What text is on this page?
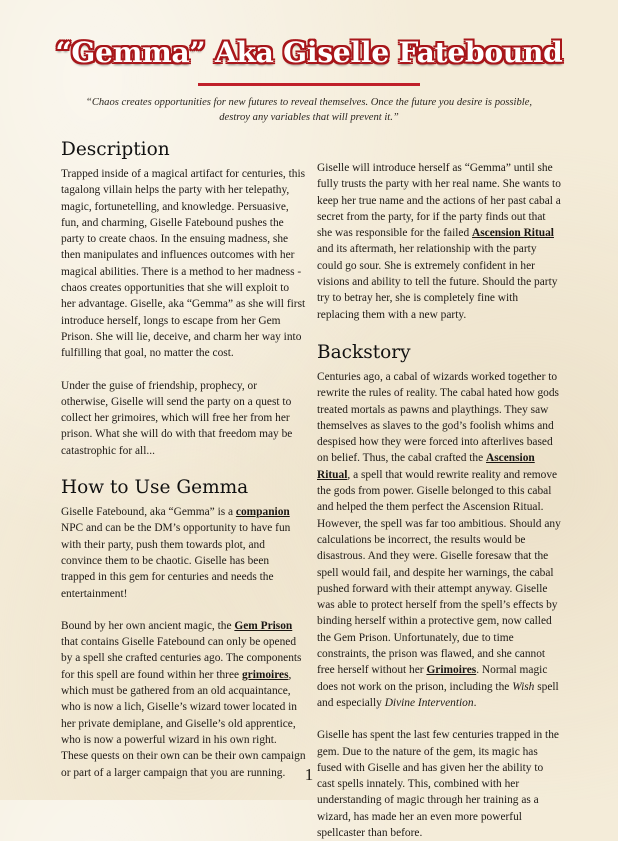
“Gemma” Aka Giselle Fatebound

“Chaos creates opportunities for new futures to reveal themselves. Once the future you desire is possible, destroy any variables that will prevent it.”

Description

Trapped inside of a magical artifact for centuries, this tagalong villain helps the party with her telepathy, magic, fortunetelling, and knowledge. Persuasive, fun, and charming, Giselle Fatebound pushes the party to create chaos. In the ensuing madness, she then manipulates and influences outcomes with her magical abilities. There is a method to her madness - chaos creates opportunities that she will exploit to her advantage. Giselle, aka “Gemma” as she will first introduce herself, longs to escape from her Gem Prison. She will lie, deceive, and charm her way into fulfilling that goal, no matter the cost.

Under the guise of friendship, prophecy, or otherwise, Giselle will send the party on a quest to collect her grimoires, which will free her from her prison. What she will do with that freedom may be catastrophic for all...

How to Use Gemma

Giselle Fatebound, aka “Gemma” is a companion NPC and can be the DM’s opportunity to have fun with their party, push them towards plot, and convince them to be chaotic. Giselle has been trapped in this gem for centuries and needs the entertainment!

Bound by her own ancient magic, the Gem Prison that contains Giselle Fatebound can only be opened by a spell she crafted centuries ago. The components for this spell are found within her three grimoires, which must be gathered from an old acquaintance, who is now a lich, Giselle’s wizard tower located in her private demiplane, and Giselle’s old apprentice, who is now a powerful wizard in his own right. These quests on their own can be their own campaign or part of a larger campaign that you are running.

Giselle will introduce herself as “Gemma” until she fully trusts the party with her real name. She wants to keep her true name and the actions of her past cabal a secret from the party, for if the party finds out that she was responsible for the failed Ascension Ritual and its aftermath, her relationship with the party could go sour. She is extremely confident in her visions and ability to tell the future. Should the party try to betray her, she is completely fine with replacing them with a new party.

Backstory

Centuries ago, a cabal of wizards worked together to rewrite the rules of reality. The cabal hated how gods treated mortals as pawns and playthings. They saw themselves as slaves to the god’s foolish whims and despised how they were forced into afterlives based on belief. Thus, the cabal crafted the Ascension Ritual, a spell that would rewrite reality and remove the gods from power. Giselle belonged to this cabal and helped the them perfect the Ascension Ritual. However, the spell was far too ambitious. Should any calculations be incorrect, the results would be disastrous. And they were. Giselle foresaw that the spell would fail, and despite her warnings, the cabal pushed forward with their attempt anyway. Giselle was able to protect herself from the spell’s effects by binding herself within a protective gem, now called the Gem Prison. Unfortunately, due to time constraints, the prison was flawed, and she cannot free herself without her Grimoires. Normal magic does not work on the prison, including the Wish spell and especially Divine Intervention.

Giselle has spent the last few centuries trapped in the gem. Due to the nature of the gem, its magic has fused with Giselle and has given her the ability to cast spells innately. This, combined with her understanding of magic through her training as a wizard, has made her an even more powerful spellcaster than before.

1
